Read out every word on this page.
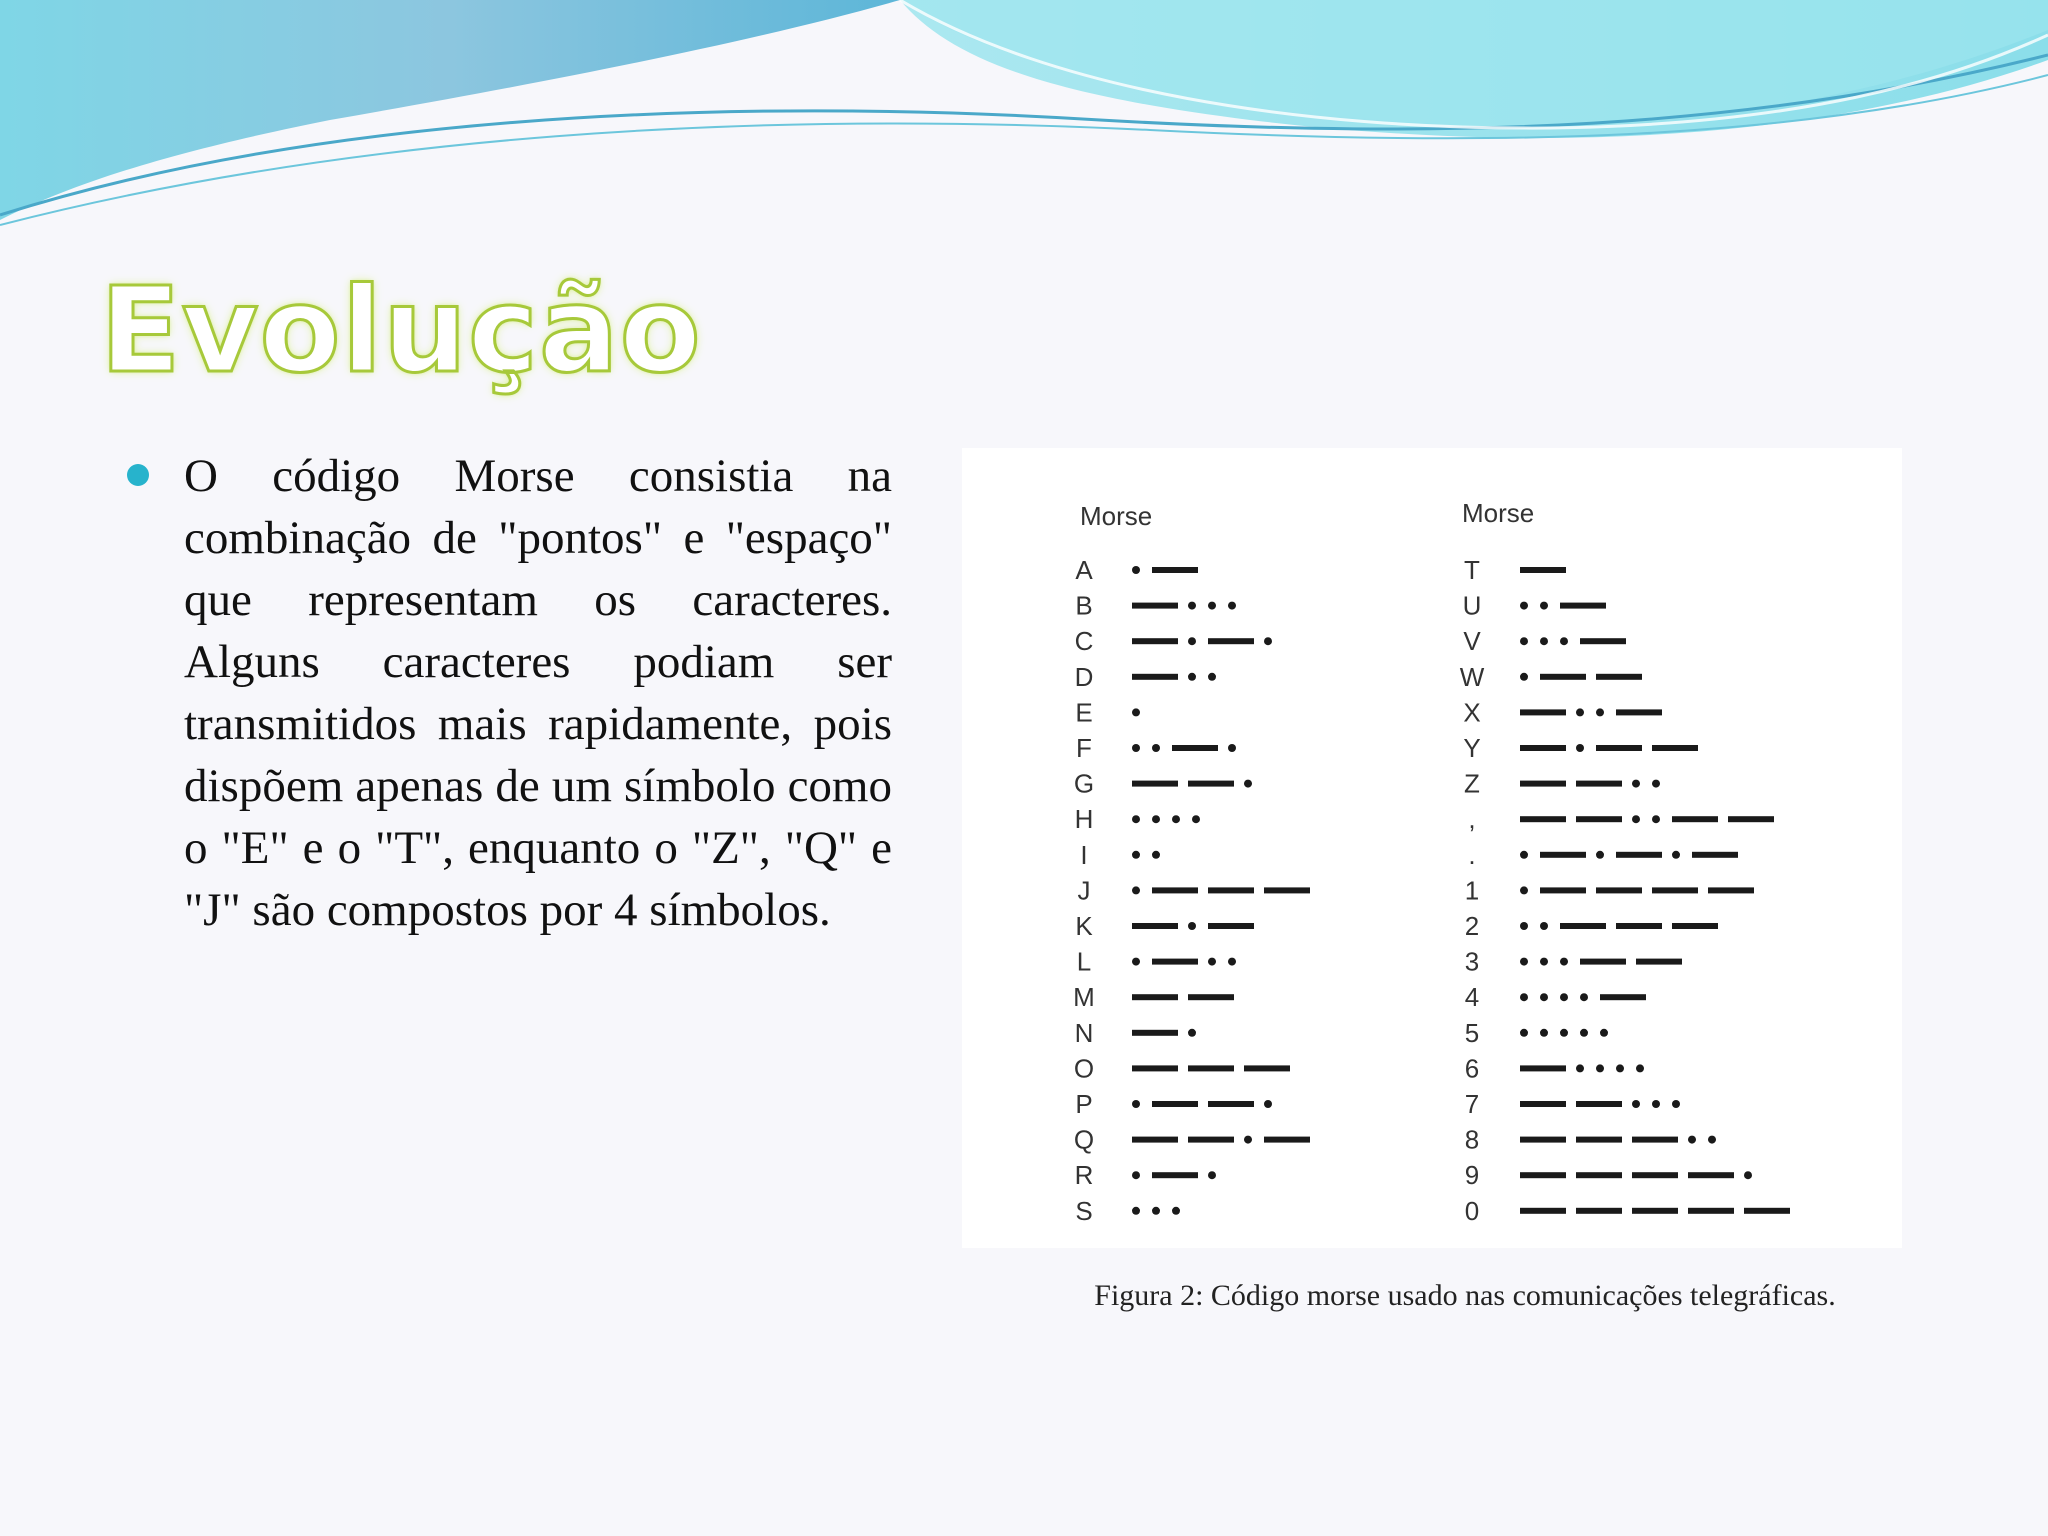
Evolução

O código Morse consistia na combinação de "pontos" e "espaço" que representam os caracteres. Alguns caracteres podiam ser transmitidos mais rapidamente, pois dispõem apenas de um símbolo como o "E" e o "T", enquanto o "Z", "Q" e "J" são compostos por 4 símbolos.

Morse	Morse
A
B
C
D
E
F
G
H
I
J
K
L
M
N
O
P
Q
R
S
T
U
V
W
X
Y
Z
,
.
1
2
3
4
5
6
7
8
9
0

Figura 2: Código morse usado nas comunicações telegráficas.
